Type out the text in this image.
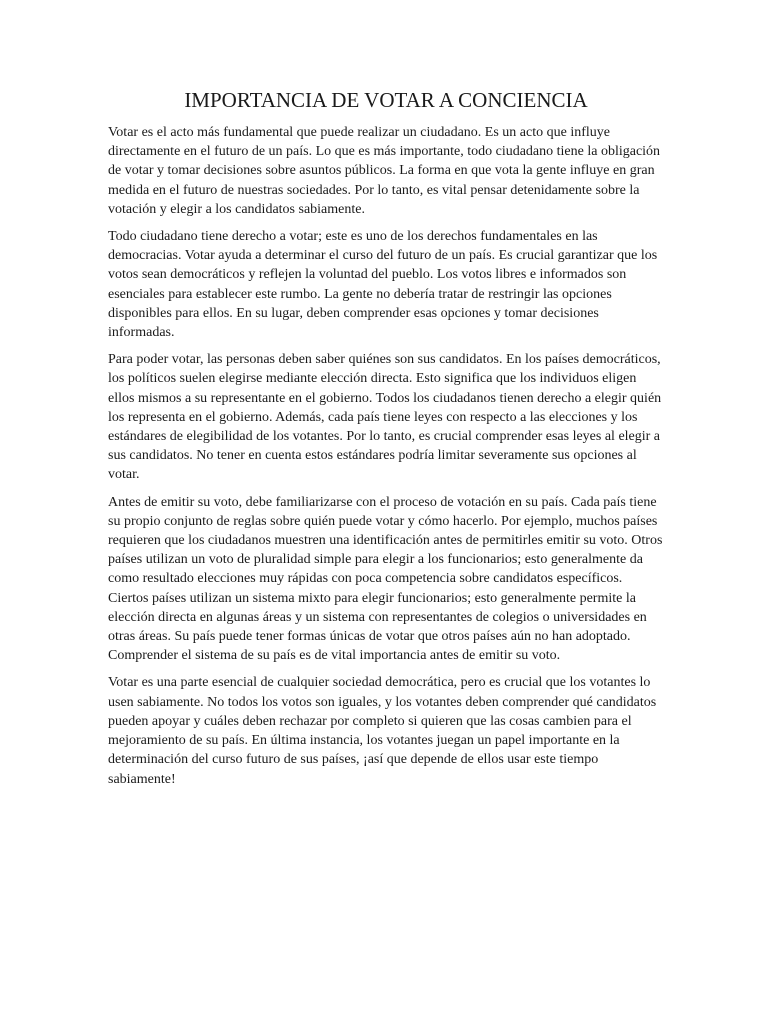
IMPORTANCIA DE VOTAR A CONCIENCIA

Votar es el acto más fundamental que puede realizar un ciudadano. Es un acto que influye directamente en el futuro de un país. Lo que es más importante, todo ciudadano tiene la obligación de votar y tomar decisiones sobre asuntos públicos. La forma en que vota la gente influye en gran medida en el futuro de nuestras sociedades. Por lo tanto, es vital pensar detenidamente sobre la votación y elegir a los candidatos sabiamente.

Todo ciudadano tiene derecho a votar; este es uno de los derechos fundamentales en las democracias. Votar ayuda a determinar el curso del futuro de un país. Es crucial garantizar que los votos sean democráticos y reflejen la voluntad del pueblo. Los votos libres e informados son esenciales para establecer este rumbo. La gente no debería tratar de restringir las opciones disponibles para ellos. En su lugar, deben comprender esas opciones y tomar decisiones informadas.

Para poder votar, las personas deben saber quiénes son sus candidatos. En los países democráticos, los políticos suelen elegirse mediante elección directa. Esto significa que los individuos eligen ellos mismos a su representante en el gobierno. Todos los ciudadanos tienen derecho a elegir quién los representa en el gobierno. Además, cada país tiene leyes con respecto a las elecciones y los estándares de elegibilidad de los votantes. Por lo tanto, es crucial comprender esas leyes al elegir a sus candidatos. No tener en cuenta estos estándares podría limitar severamente sus opciones al votar.

Antes de emitir su voto, debe familiarizarse con el proceso de votación en su país. Cada país tiene su propio conjunto de reglas sobre quién puede votar y cómo hacerlo. Por ejemplo, muchos países requieren que los ciudadanos muestren una identificación antes de permitirles emitir su voto. Otros países utilizan un voto de pluralidad simple para elegir a los funcionarios; esto generalmente da como resultado elecciones muy rápidas con poca competencia sobre candidatos específicos. Ciertos países utilizan un sistema mixto para elegir funcionarios; esto generalmente permite la elección directa en algunas áreas y un sistema con representantes de colegios o universidades en otras áreas. Su país puede tener formas únicas de votar que otros países aún no han adoptado. Comprender el sistema de su país es de vital importancia antes de emitir su voto.

Votar es una parte esencial de cualquier sociedad democrática, pero es crucial que los votantes lo usen sabiamente. No todos los votos son iguales, y los votantes deben comprender qué candidatos pueden apoyar y cuáles deben rechazar por completo si quieren que las cosas cambien para el mejoramiento de su país. En última instancia, los votantes juegan un papel importante en la determinación del curso futuro de sus países, ¡así que depende de ellos usar este tiempo sabiamente!
